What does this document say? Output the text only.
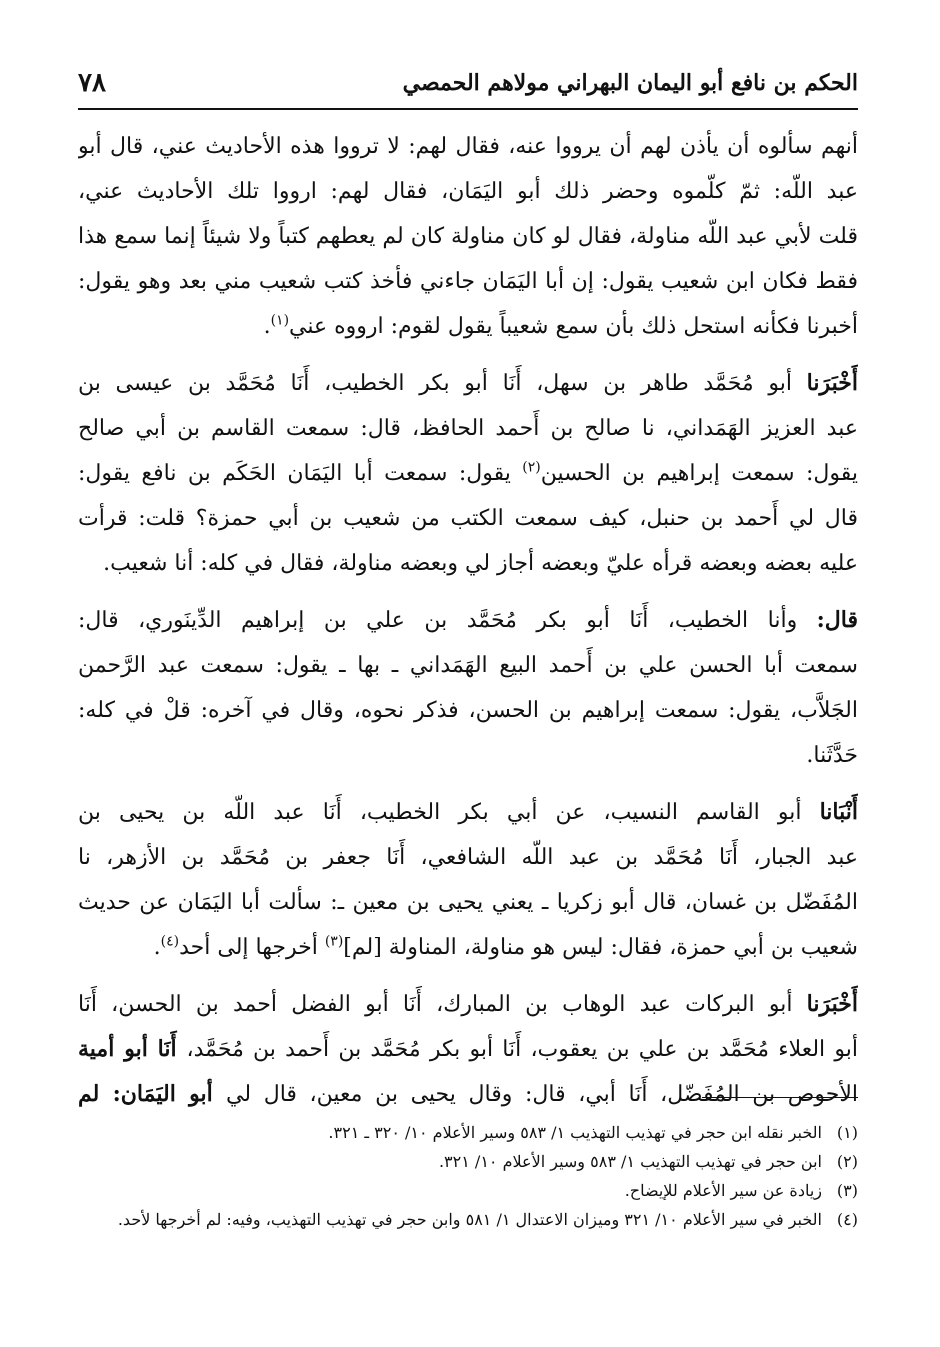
الحكم بن نافع أبو اليمان البهراني مولاهم الحمصي
٧٨
أنهم سألوه أن يأذن لهم أن يرووا عنه، فقال لهم: لا ترووا هذه الأحاديث عني، قال أبو
عبد اللّه: ثمّ كلّموه وحضر ذلك أبو اليَمَان، فقال لهم: ارووا تلك الأحاديث عني،
قلت لأبي عبد اللّه مناولة، فقال لو كان مناولة كان لم يعطهم كتباً ولا شيئاً إنما سمع هذا
فقط فكان ابن شعيب يقول: إن أبا اليَمَان جاءني فأخذ كتب شعيب مني بعد وهو يقول:
أخبرنا فكأنه استحل ذلك بأن سمع شعيباً يقول لقوم: ارووه عني$^{(١)}$.
أَخْبَرَنا أبو مُحَمَّد طاهر بن سهل، أَنَا أبو بكر الخطيب، أَنَا مُحَمَّد بن عيسى بن
عبد العزيز الهَمَداني، نا صالح بن أَحمد الحافظ، قال: سمعت القاسم بن أبي صالح
يقول: سمعت إبراهيم بن الحسين$^{(٢)}$ يقول: سمعت أبا اليَمَان الحَكَم بن نافع يقول:
قال لي أَحمد بن حنبل، كيف سمعت الكتب من شعيب بن أبي حمزة؟ قلت: قرأت
عليه بعضه وبعضه قرأه عليّ وبعضه أجاز لي وبعضه مناولة، فقال في كله: أنا شعيب.
قال: وأنا الخطيب، أَنَا أبو بكر مُحَمَّد بن علي بن إبراهيم الدِّينَوري، قال:
سمعت أبا الحسن علي بن أَحمد البيع الهَمَداني ـ بها ـ يقول: سمعت عبد الرَّحمن
الجَلاَّب، يقول: سمعت إبراهيم بن الحسن، فذكر نحوه، وقال في آخره: قلْ في كله:
حَدَّثَنا.
أَنْبَانا أبو القاسم النسيب، عن أبي بكر الخطيب، أَنَا عبد اللّه بن يحيى بن
عبد الجبار، أَنَا مُحَمَّد بن عبد اللّه الشافعي، أَنَا جعفر بن مُحَمَّد بن الأزهر، نا
المُفَضّل بن غسان، قال أبو زكريا ـ يعني يحيى بن معين ـ: سألت أبا اليَمَان عن حديث
شعيب بن أبي حمزة، فقال: ليس هو مناولة، المناولة [لم]$^{(٣)}$ أخرجها إلى أحد$^{(٤)}$.
أَخْبَرَنا أبو البركات عبد الوهاب بن المبارك، أَنَا أبو الفضل أحمد بن الحسن، أَنَا
أبو العلاء مُحَمَّد بن علي بن يعقوب، أَنَا أبو بكر مُحَمَّد بن أَحمد بن مُحَمَّد، أَنَا أبو أمية
الأحوص بن المُفَضّل، أَنَا أبي، قال: وقال يحيى بن معين، قال لي أبو اليَمَان: لم
(١)
الخبر نقله ابن حجر في تهذيب التهذيب ١/ ٥٨٣ وسير الأعلام ١٠/ ٣٢٠ ـ ٣٢١.
(٢)
ابن حجر في تهذيب التهذيب ١/ ٥٨٣ وسير الأعلام ١٠/ ٣٢١.
(٣)
زيادة عن سير الأعلام للإيضاح.
(٤)
الخبر في سير الأعلام ١٠/ ٣٢١ وميزان الاعتدال ١/ ٥٨١ وابن حجر في تهذيب التهذيب، وفيه: لم أخرجها لأحد.
